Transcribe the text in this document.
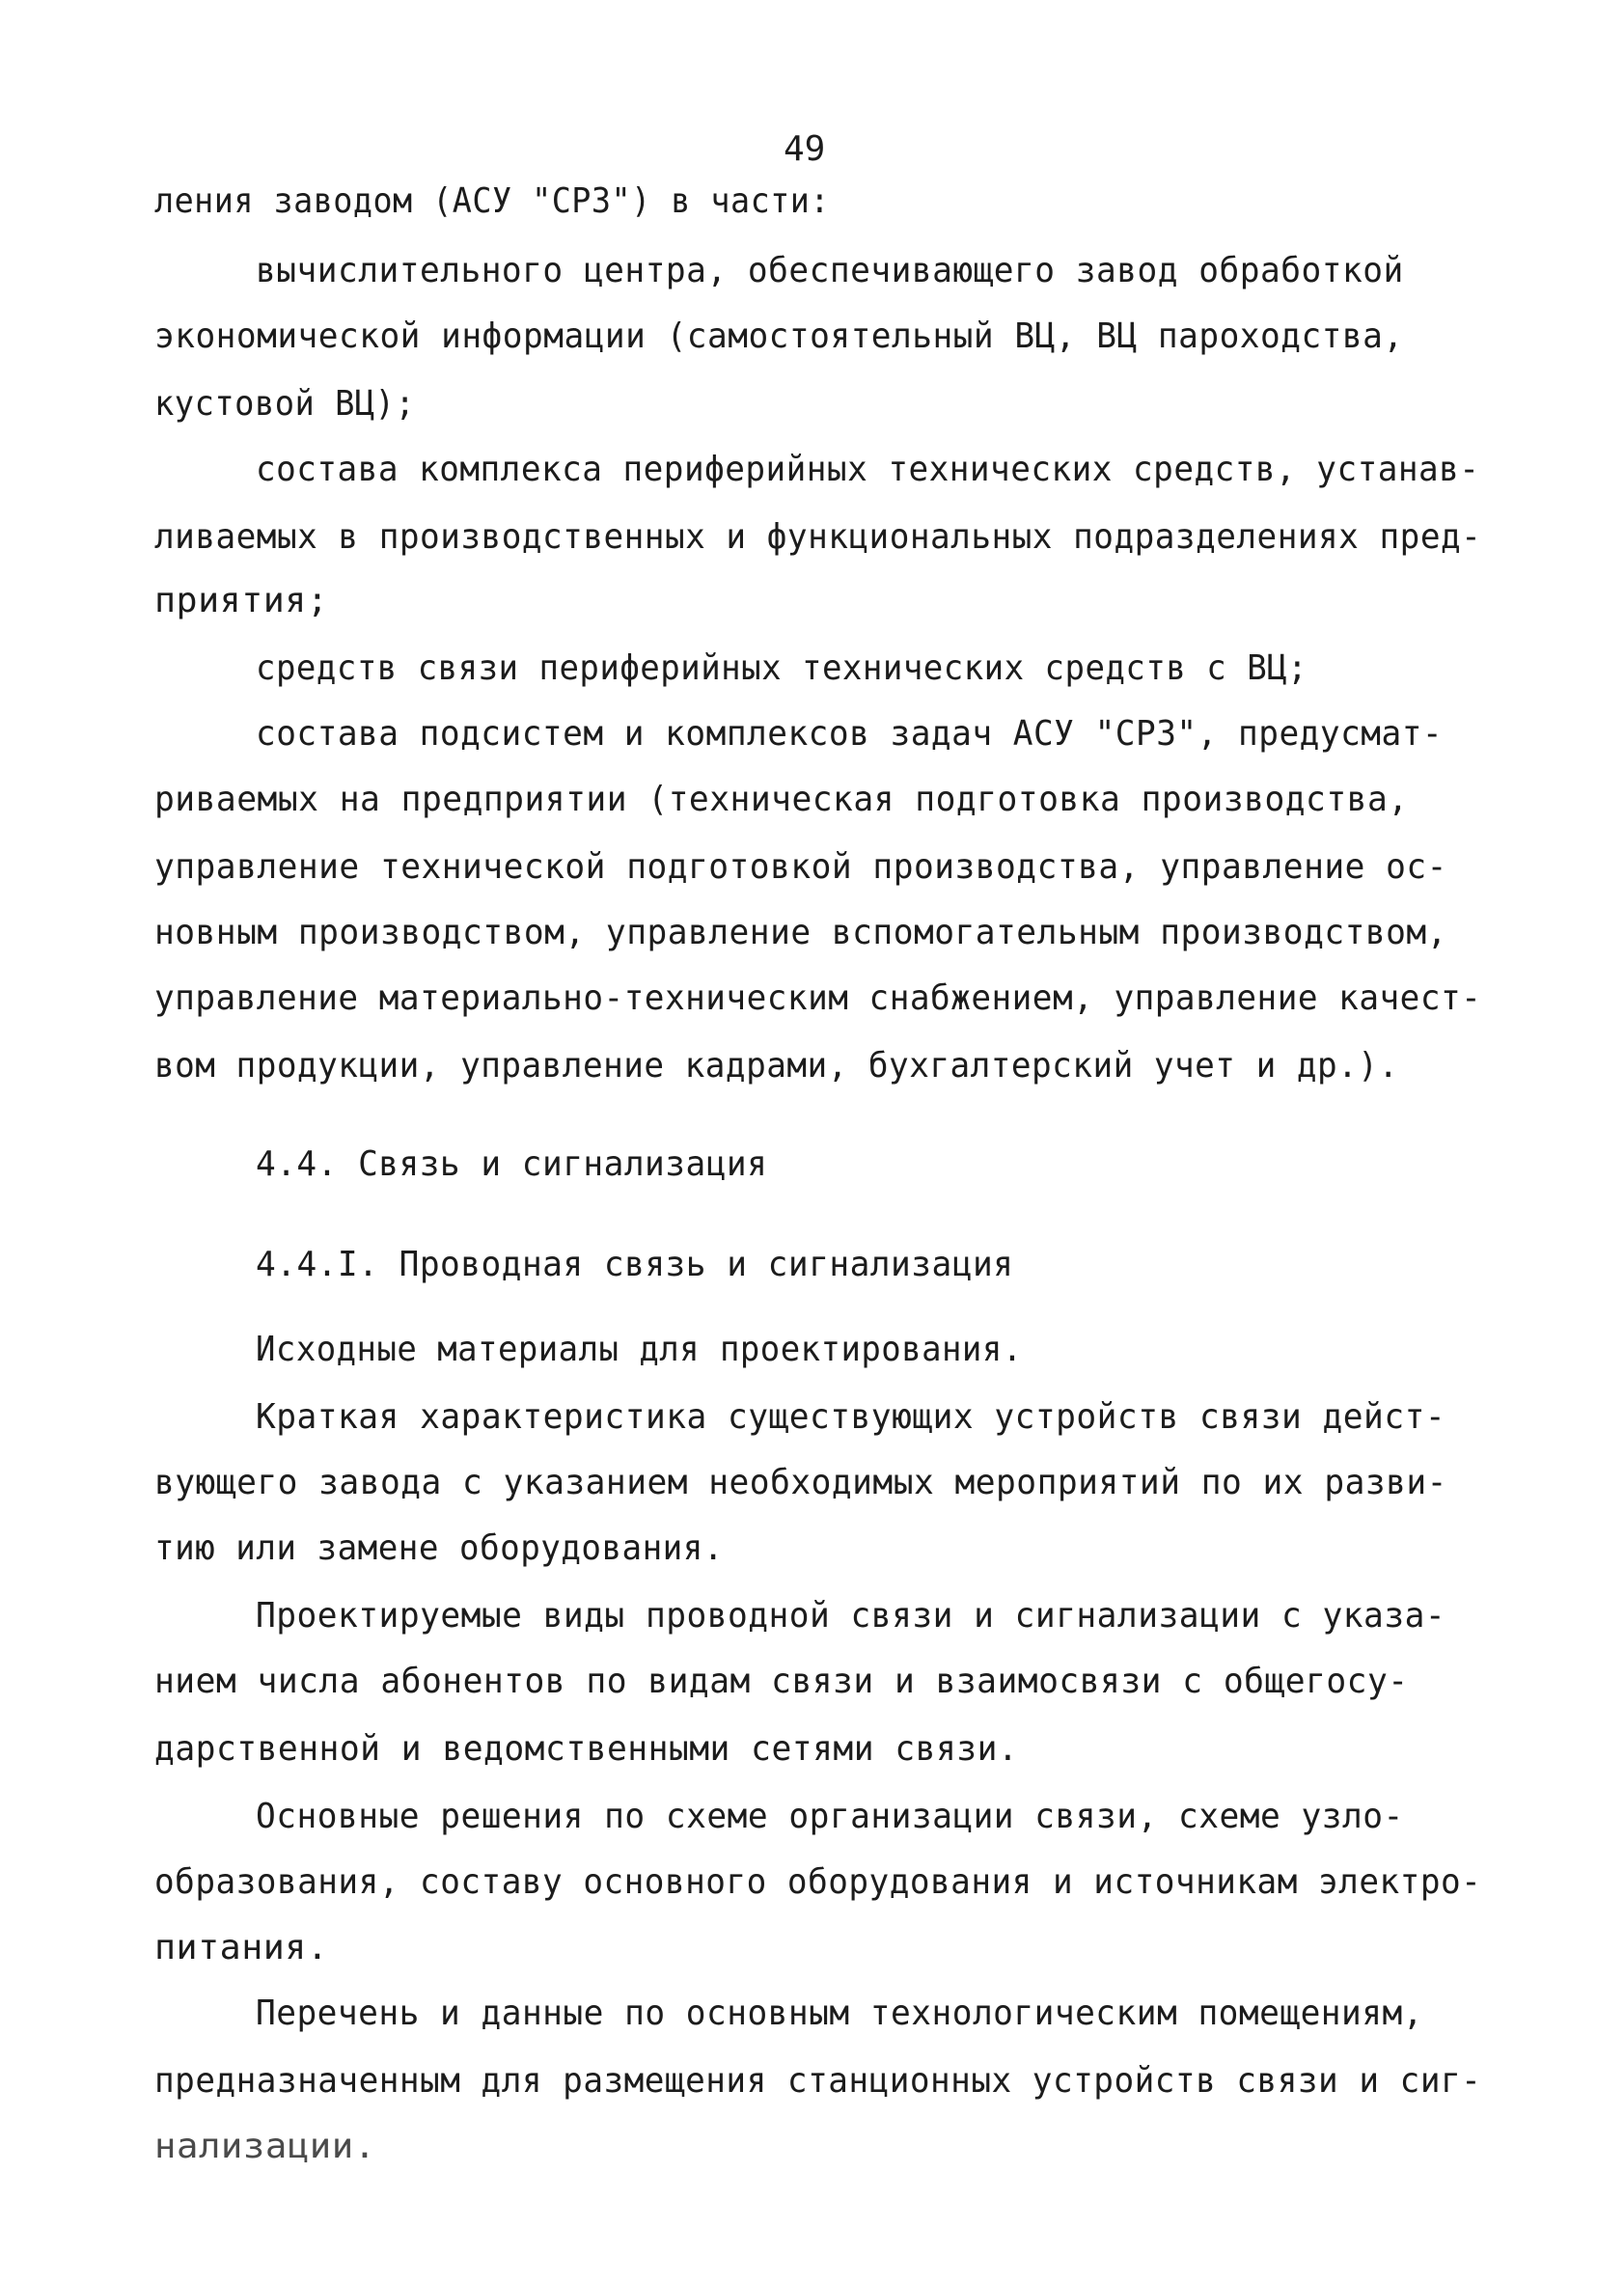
49
ления заводом (АСУ "СРЗ") в части:
вычислительного центра, обеспечивающего завод обработкой
экономической информации (самостоятельный ВЦ, ВЦ пароходства,
кустовой ВЦ);
состава комплекса периферийных технических средств, устанав-
ливаемых в производственных и функциональных подразделениях пред-
приятия;
средств связи периферийных технических средств с ВЦ;
состава подсистем и комплексов задач АСУ "СРЗ", предусмат-
риваемых на предприятии (техническая подготовка производства,
управление технической подготовкой производства, управление ос-
новным производством, управление вспомогательным производством,
управление материально-техническим снабжением, управление качест-
вом продукции, управление кадрами, бухгалтерский учет и др.).
4.4. Связь и сигнализация
4.4.I. Проводная связь и сигнализация
Исходные материалы для проектирования.
Краткая характеристика существующих устройств связи дейст-
вующего завода с указанием необходимых мероприятий по их разви-
тию или замене оборудования.
Проектируемые виды проводной связи и сигнализации с указа-
нием числа абонентов по видам связи и взаимосвязи с общегосу-
дарственной и ведомственными сетями связи.
Основные решения по схеме организации связи, схеме узло-
образования, составу основного оборудования и источникам электро-
питания.
Перечень и данные по основным технологическим помещениям,
предназначенным для размещения станционных устройств связи и сиг-
нализации.
